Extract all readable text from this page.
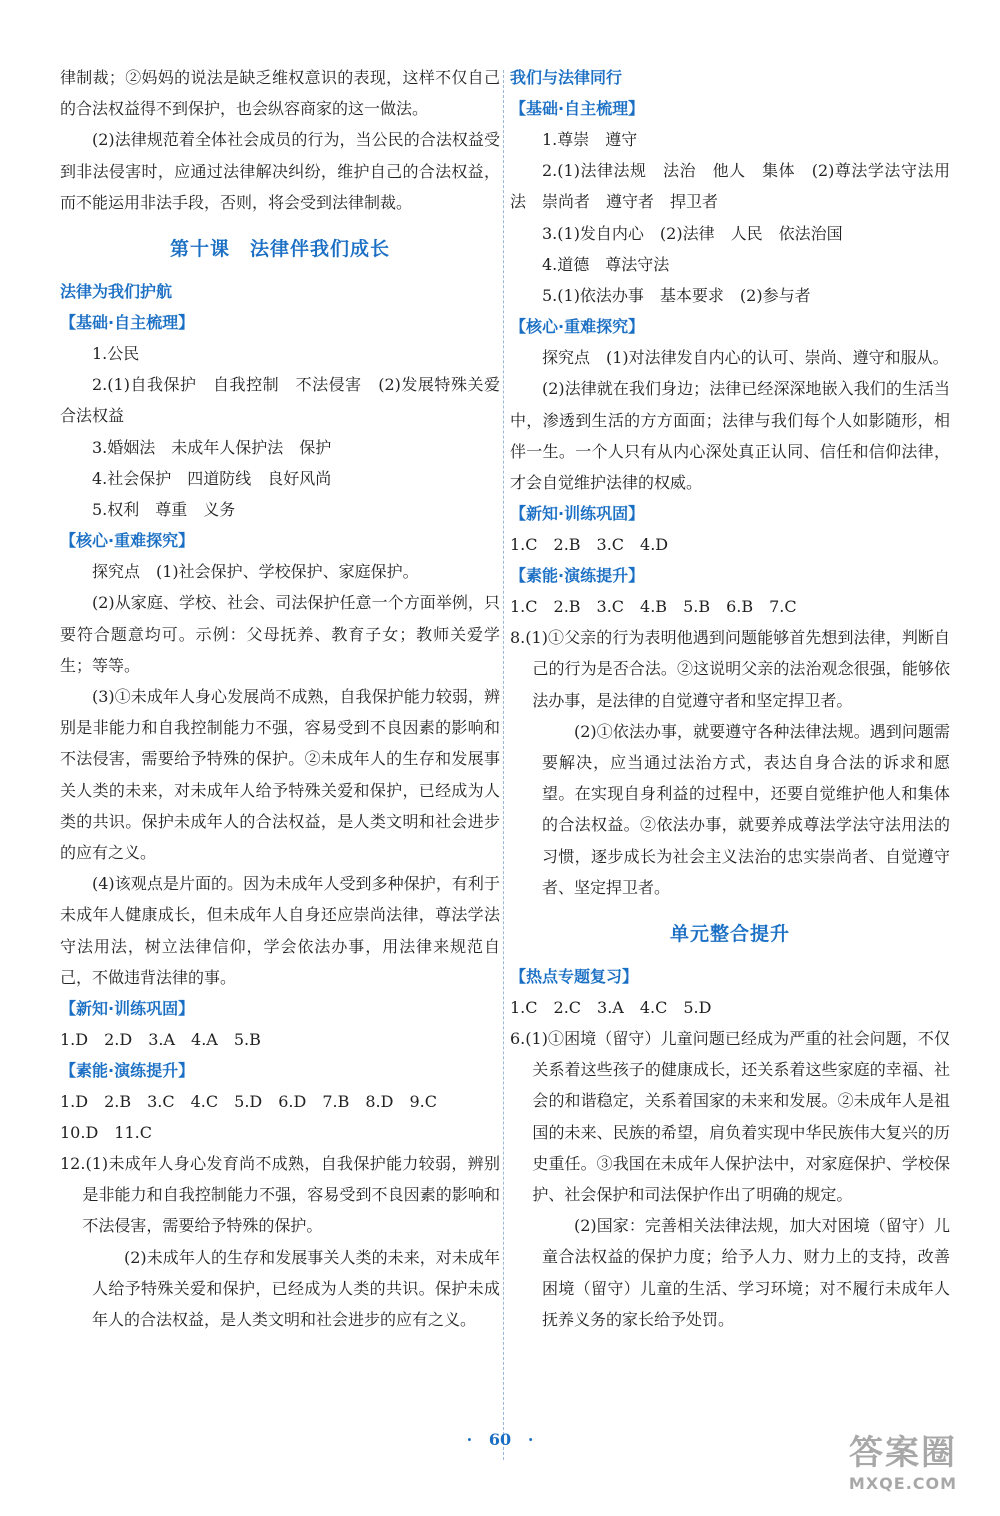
律制裁；②妈妈的说法是缺乏维权意识的表现，这样不仅自己的合法权益得不到保护，也会纵容商家的这一做法。

(2)法律规范着全体社会成员的行为，当公民的合法权益受到非法侵害时，应通过法律解决纠纷，维护自己的合法权益，而不能运用非法手段，否则，将会受到法律制裁。

第十课　法律伴我们成长
法律为我们护航
【基础·自主梳理】

1.公民

2.(1)自我保护　自我控制　不法侵害　(2)发展特殊关爱　合法权益

3.婚姻法　未成年人保护法　保护

4.社会保护　四道防线　良好风尚

5.权利　尊重　义务

【核心·重难探究】

探究点　(1)社会保护、学校保护、家庭保护。

(2)从家庭、学校、社会、司法保护任意一个方面举例，只要符合题意均可。示例：父母抚养、教育子女；教师关爱学生；等等。

(3)①未成年人身心发展尚不成熟，自我保护能力较弱，辨别是非能力和自我控制能力不强，容易受到不良因素的影响和不法侵害，需要给予特殊的保护。②未成年人的生存和发展事关人类的未来，对未成年人给予特殊关爱和保护，已经成为人类的共识。保护未成年人的合法权益，是人类文明和社会进步的应有之义。

(4)该观点是片面的。因为未成年人受到多种保护，有利于未成年人健康成长，但未成年人自身还应崇尚法律，尊法学法守法用法，树立法律信仰，学会依法办事，用法律来规范自己，不做违背法律的事。

【新知·训练巩固】

1.D　2.D　3.A　4.A　5.B

【素能·演练提升】

1.D　2.B　3.C　4.C　5.D　6.D　7.B　8.D　9.C

10.D　11.C

12.(1)未成年人身心发育尚不成熟，自我保护能力较弱，辨别是非能力和自我控制能力不强，容易受到不良因素的影响和不法侵害，需要给予特殊的保护。

(2)未成年人的生存和发展事关人类的未来，对未成年人给予特殊关爱和保护，已经成为人类的共识。保护未成年人的合法权益，是人类文明和社会进步的应有之义。

我们与法律同行
【基础·自主梳理】

1.尊崇　遵守

2.(1)法律法规　法治　他人　集体　(2)尊法学法守法用法　崇尚者　遵守者　捍卫者

3.(1)发自内心　(2)法律　人民　依法治国

4.道德　尊法守法

5.(1)依法办事　基本要求　(2)参与者

【核心·重难探究】

探究点　(1)对法律发自内心的认可、崇尚、遵守和服从。

(2)法律就在我们身边；法律已经深深地嵌入我们的生活当中，渗透到生活的方方面面；法律与我们每个人如影随形，相伴一生。一个人只有从内心深处真正认同、信任和信仰法律，才会自觉维护法律的权威。

【新知·训练巩固】

1.C　2.B　3.C　4.D

【素能·演练提升】

1.C　2.B　3.C　4.B　5.B　6.B　7.C

8.(1)①父亲的行为表明他遇到问题能够首先想到法律，判断自己的行为是否合法。②这说明父亲的法治观念很强，能够依法办事，是法律的自觉遵守者和坚定捍卫者。

(2)①依法办事，就要遵守各种法律法规。遇到问题需要解决，应当通过法治方式，表达自身合法的诉求和愿望。在实现自身利益的过程中，还要自觉维护他人和集体的合法权益。②依法办事，就要养成尊法学法守法用法的习惯，逐步成长为社会主义法治的忠实崇尚者、自觉遵守者、坚定捍卫者。

单元整合提升
【热点专题复习】

1.C　2.C　3.A　4.C　5.D

6.(1)①困境（留守）儿童问题已经成为严重的社会问题，不仅关系着这些孩子的健康成长，还关系着这些家庭的幸福、社会的和谐稳定，关系着国家的未来和发展。②未成年人是祖国的未来、民族的希望，肩负着实现中华民族伟大复兴的历史重任。③我国在未成年人保护法中，对家庭保护、学校保护、社会保护和司法保护作出了明确的规定。

(2)国家：完善相关法律法规，加大对困境（留守）儿童合法权益的保护力度；给予人力、财力上的支持，改善困境（留守）儿童的生活、学习环境；对不履行未成年人抚养义务的家长给予处罚。

· 60 ·	答案圈
MXQE.COM
